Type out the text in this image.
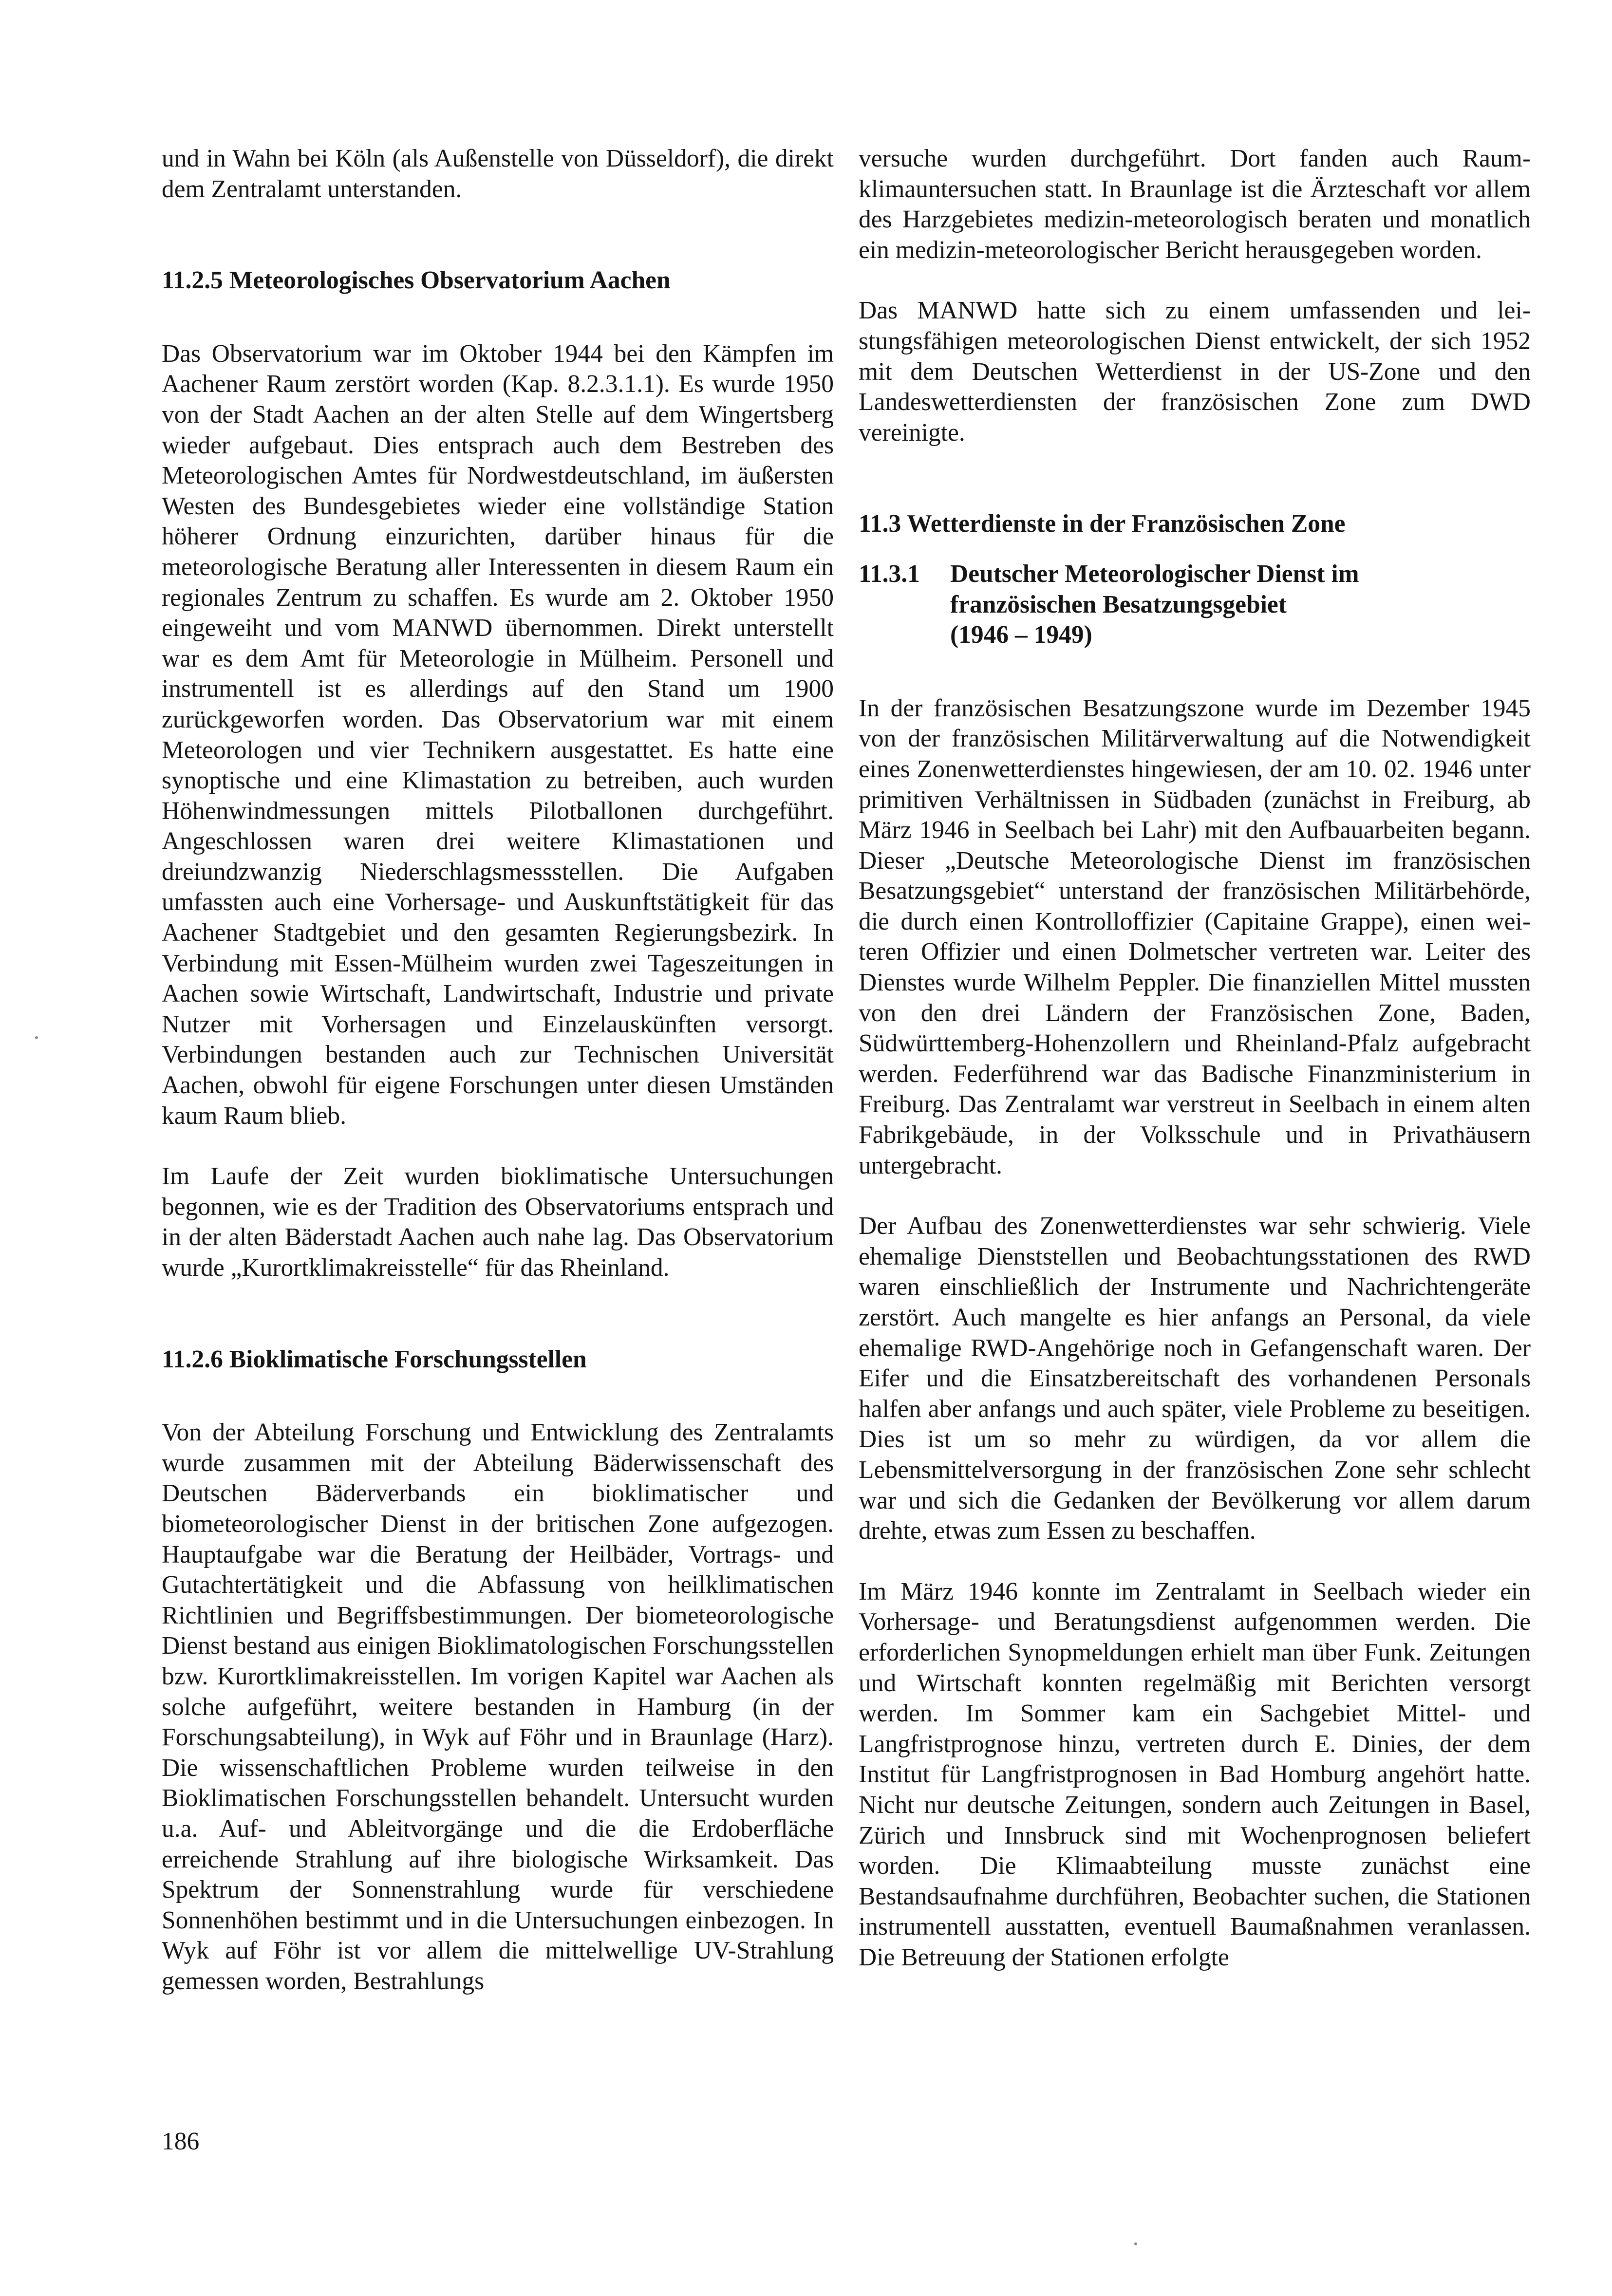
und in Wahn bei Köln (als Außenstelle von Düsseldorf), die direkt dem Zentralamt unterstanden.

11.2.5 Meteorologisches Observatorium Aachen

Das Observatorium war im Oktober 1944 bei den Kämpfen im Aachener Raum zerstört worden (Kap. 8.2.3.1.1). Es wurde 1950 von der Stadt Aachen an der alten Stelle auf dem Wingertsberg wieder aufgebaut. Dies entsprach auch dem Bestreben des Meteorologischen Amtes für Nordwestdeutschland, im äußersten Westen des Bundesgebietes wieder eine vollständige Station höherer Ordnung einzurichten, darüber hinaus für die meteorologische Beratung aller Interessenten in diesem Raum ein regionales Zentrum zu schaffen. Es wurde am 2. Oktober 1950 eingeweiht und vom MANWD übernommen. Direkt unterstellt war es dem Amt für Meteorologie in Mülheim. Personell und instrumentell ist es allerdings auf den Stand um 1900 zurückgeworfen worden. Das Observatorium war mit einem Meteorologen und vier Technikern ausgestattet. Es hatte eine synoptische und eine Klimastation zu betreiben, auch wurden Höhenwindmessungen mittels Pilotballonen durchgeführt. Angeschlossen waren drei weitere Klimastationen und dreiundzwanzig Niederschlagsmessstellen. Die Aufgaben umfassten auch eine Vorhersage- und Auskunftstätigkeit für das Aachener Stadtgebiet und den gesamten Regierungsbezirk. In Verbindung mit Essen-Mülheim wurden zwei Tageszeitungen in Aachen sowie Wirtschaft, Landwirtschaft, Industrie und private Nutzer mit Vorhersagen und Einzelauskünften versorgt. Verbindungen bestanden auch zur Technischen Universität Aachen, obwohl für eigene Forschungen unter diesen Umständen kaum Raum blieb.

Im Laufe der Zeit wurden bioklimatische Untersuchungen begonnen, wie es der Tradition des Observatoriums entsprach und in der alten Bäderstadt Aachen auch nahe lag. Das Observatorium wurde „Kurortklimakreisstelle“ für das Rheinland.

11.2.6 Bioklimatische Forschungsstellen

Von der Abteilung Forschung und Entwicklung des Zentralamts wurde zusammen mit der Abteilung Bäderwissenschaft des Deutschen Bäderverbands ein bioklimatischer und biometeorologischer Dienst in der britischen Zone aufgezogen. Hauptaufgabe war die Beratung der Heilbäder, Vortrags- und Gutachtertätigkeit und die Abfassung von heilklimatischen Richtlinien und Begriffsbestimmungen. Der biometeorologische Dienst bestand aus einigen Bioklimatologischen Forschungsstellen bzw. Kurortklimakreisstellen. Im vorigen Kapitel war Aachen als solche aufgeführt, weitere bestanden in Hamburg (in der Forschungsabteilung), in Wyk auf Föhr und in Braunlage (Harz). Die wissenschaftlichen Probleme wurden teilweise in den Bioklimatischen Forschungsstellen behandelt. Untersucht wurden u.a. Auf- und Ableitvorgänge und die die Erdoberfläche erreichende Strahlung auf ihre biologische Wirksamkeit. Das Spektrum der Sonnenstrahlung wurde für verschiedene Sonnenhöhen bestimmt und in die Untersuchungen einbezogen. In Wyk auf Föhr ist vor allem die mittelwellige UV-Strahlung gemessen worden, Bestrahlungs

versuche wurden durchgeführt. Dort fanden auch Raumklimauntersuchen statt. In Braunlage ist die Ärzteschaft vor allem des Harzgebietes medizin-meteorologisch beraten und monatlich ein medizin-meteorologischer Bericht herausgegeben worden.

Das MANWD hatte sich zu einem umfassenden und leistungsfähigen meteorologischen Dienst entwickelt, der sich 1952 mit dem Deutschen Wetterdienst in der US-Zone und den Landeswetterdiensten der französischen Zone zum DWD vereinigte.

11.3 Wetterdienste in der Französischen Zone

11.3.1	Deutscher Meteorologischer Dienst im
französischen Besatzungsgebiet
(1946 – 1949)

In der französischen Besatzungszone wurde im Dezember 1945 von der französischen Militärverwaltung auf die Notwendigkeit eines Zonenwetterdienstes hingewiesen, der am 10. 02. 1946 unter primitiven Verhältnissen in Südbaden (zunächst in Freiburg, ab März 1946 in Seelbach bei Lahr) mit den Aufbauarbeiten begann. Dieser „Deutsche Meteorologische Dienst im französischen Besatzungsgebiet“ unterstand der französischen Militärbehörde, die durch einen Kontrolloffizier (Capitaine Grappe), einen weiteren Offizier und einen Dolmetscher vertreten war. Leiter des Dienstes wurde Wilhelm Peppler. Die finanziellen Mittel mussten von den drei Ländern der Französischen Zone, Baden, Südwürttemberg-Hohenzollern und Rheinland-Pfalz aufgebracht werden. Federführend war das Badische Finanzministerium in Freiburg. Das Zentralamt war verstreut in Seelbach in einem alten Fabrikgebäude, in der Volksschule und in Privathäusern untergebracht.

Der Aufbau des Zonenwetterdienstes war sehr schwierig. Viele ehemalige Dienststellen und Beobachtungsstationen des RWD waren einschließlich der Instrumente und Nachrichtengeräte zerstört. Auch mangelte es hier anfangs an Personal, da viele ehemalige RWD-Angehörige noch in Gefangenschaft waren. Der Eifer und die Einsatzbereitschaft des vorhandenen Personals halfen aber anfangs und auch später, viele Probleme zu beseitigen. Dies ist um so mehr zu würdigen, da vor allem die Lebensmittelversorgung in der französischen Zone sehr schlecht war und sich die Gedanken der Bevölkerung vor allem darum drehte, etwas zum Essen zu beschaffen.

Im März 1946 konnte im Zentralamt in Seelbach wieder ein Vorhersage- und Beratungsdienst aufgenommen werden. Die erforderlichen Synopmeldungen erhielt man über Funk. Zeitungen und Wirtschaft konnten regelmäßig mit Berichten versorgt werden. Im Sommer kam ein Sachgebiet Mittel- und Langfristprognose hinzu, vertreten durch E. Dinies, der dem Institut für Langfristprognosen in Bad Homburg angehört hatte. Nicht nur deutsche Zeitungen, sondern auch Zeitungen in Basel, Zürich und Innsbruck sind mit Wochenprognosen beliefert worden. Die Klimaabteilung musste zunächst eine Bestandsaufnahme durchführen, Beobachter suchen, die Stationen instrumentell ausstatten, eventuell Baumaßnahmen veranlassen. Die Betreuung der Stationen erfolgte

186
